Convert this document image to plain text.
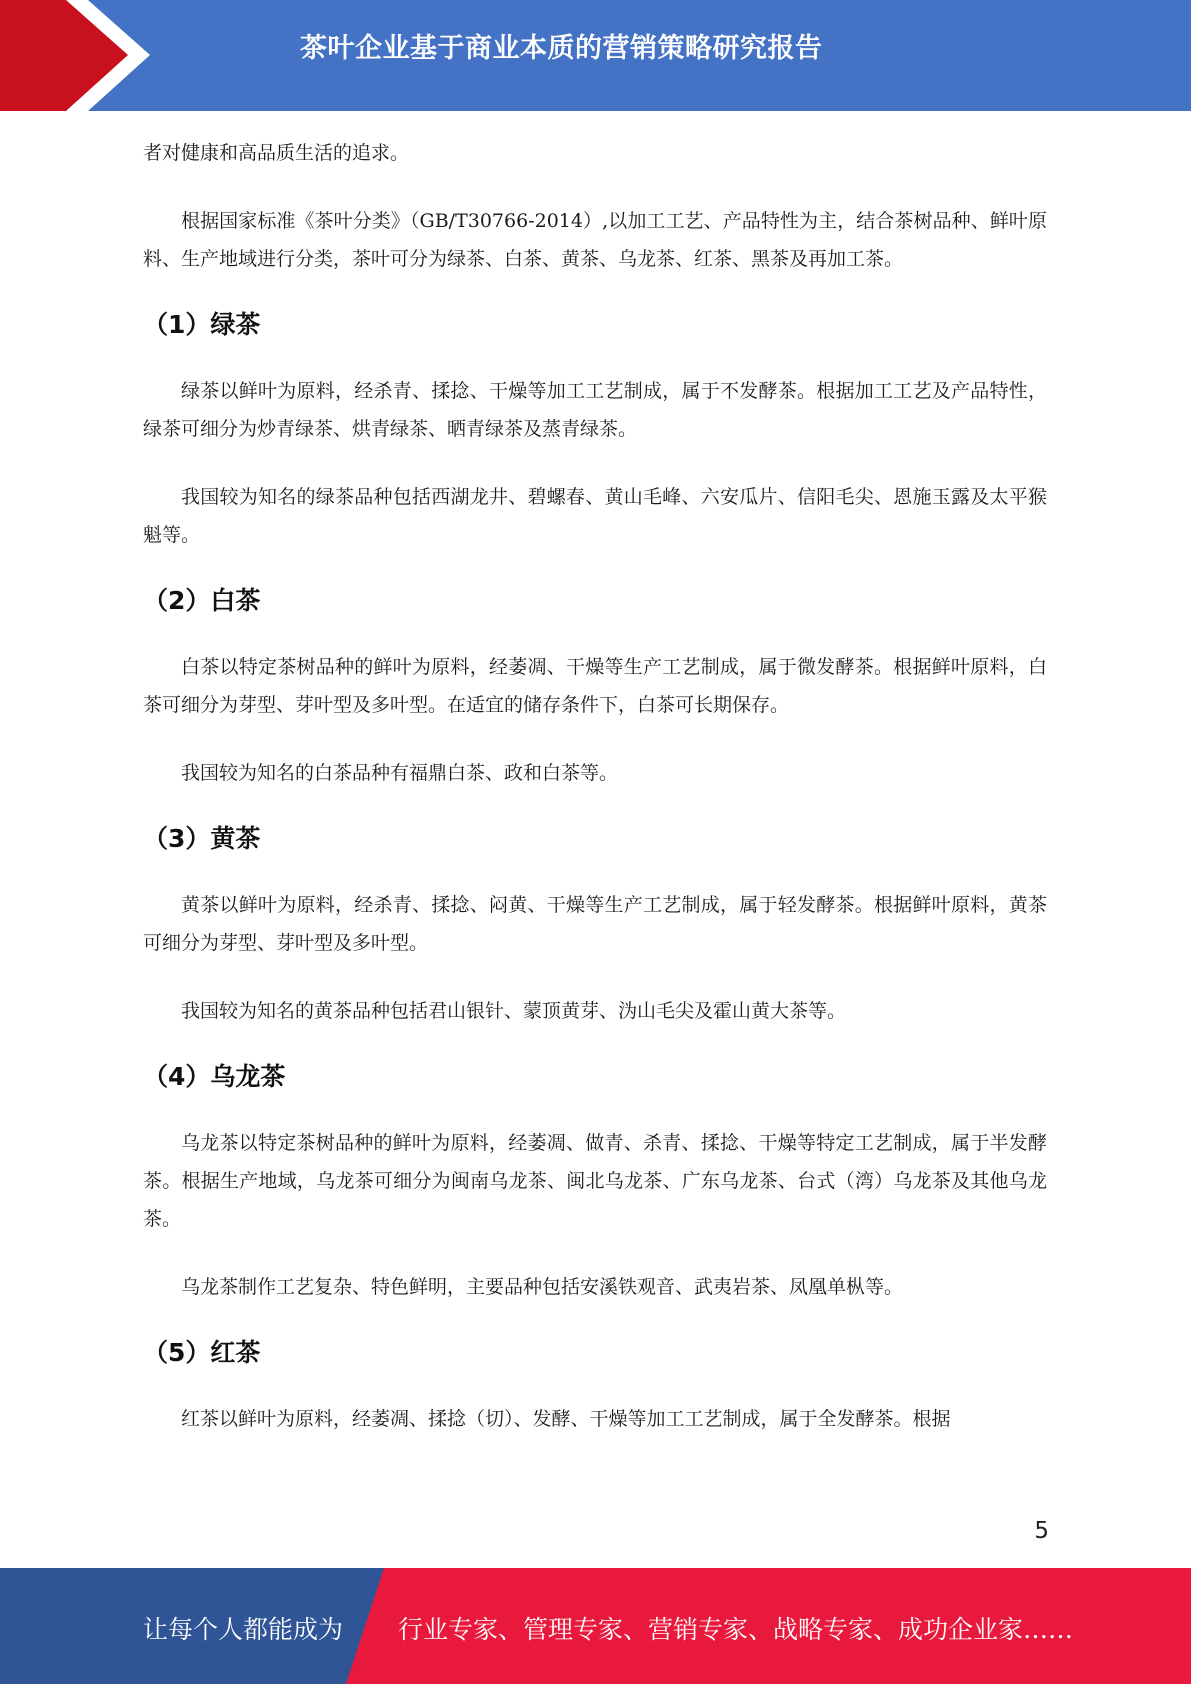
茶叶企业基于商业本质的营销策略研究报告

者对健康和高品质生活的追求。

根据国家标准《茶叶分类》（GB/T30766-2014）,以加工工艺、产品特性为主，结合茶树品种、鲜叶原料、生产地域进行分类，茶叶可分为绿茶、白茶、黄茶、乌龙茶、红茶、黑茶及再加工茶。

（1）绿茶

绿茶以鲜叶为原料，经杀青、揉捻、干燥等加工工艺制成，属于不发酵茶。根据加工工艺及产品特性，绿茶可细分为炒青绿茶、烘青绿茶、晒青绿茶及蒸青绿茶。

我国较为知名的绿茶品种包括西湖龙井、碧螺春、黄山毛峰、六安瓜片、信阳毛尖、恩施玉露及太平猴魁等。

（2）白茶

白茶以特定茶树品种的鲜叶为原料，经萎凋、干燥等生产工艺制成，属于微发酵茶。根据鲜叶原料，白茶可细分为芽型、芽叶型及多叶型。在适宜的储存条件下，白茶可长期保存。

我国较为知名的白茶品种有福鼎白茶、政和白茶等。

（3）黄茶

黄茶以鲜叶为原料，经杀青、揉捻、闷黄、干燥等生产工艺制成，属于轻发酵茶。根据鲜叶原料，黄茶可细分为芽型、芽叶型及多叶型。

我国较为知名的黄茶品种包括君山银针、蒙顶黄芽、沩山毛尖及霍山黄大茶等。

（4）乌龙茶

乌龙茶以特定茶树品种的鲜叶为原料，经萎凋、做青、杀青、揉捻、干燥等特定工艺制成，属于半发酵茶。根据生产地域，乌龙茶可细分为闽南乌龙茶、闽北乌龙茶、广东乌龙茶、台式（湾）乌龙茶及其他乌龙茶。

乌龙茶制作工艺复杂、特色鲜明，主要品种包括安溪铁观音、武夷岩茶、凤凰单枞等。

（5）红茶

红茶以鲜叶为原料，经萎凋、揉捻（切）、发酵、干燥等加工工艺制成，属于全发酵茶。根据

5
让每个人都能成为 行业专家、管理专家、营销专家、战略专家、成功企业家……
